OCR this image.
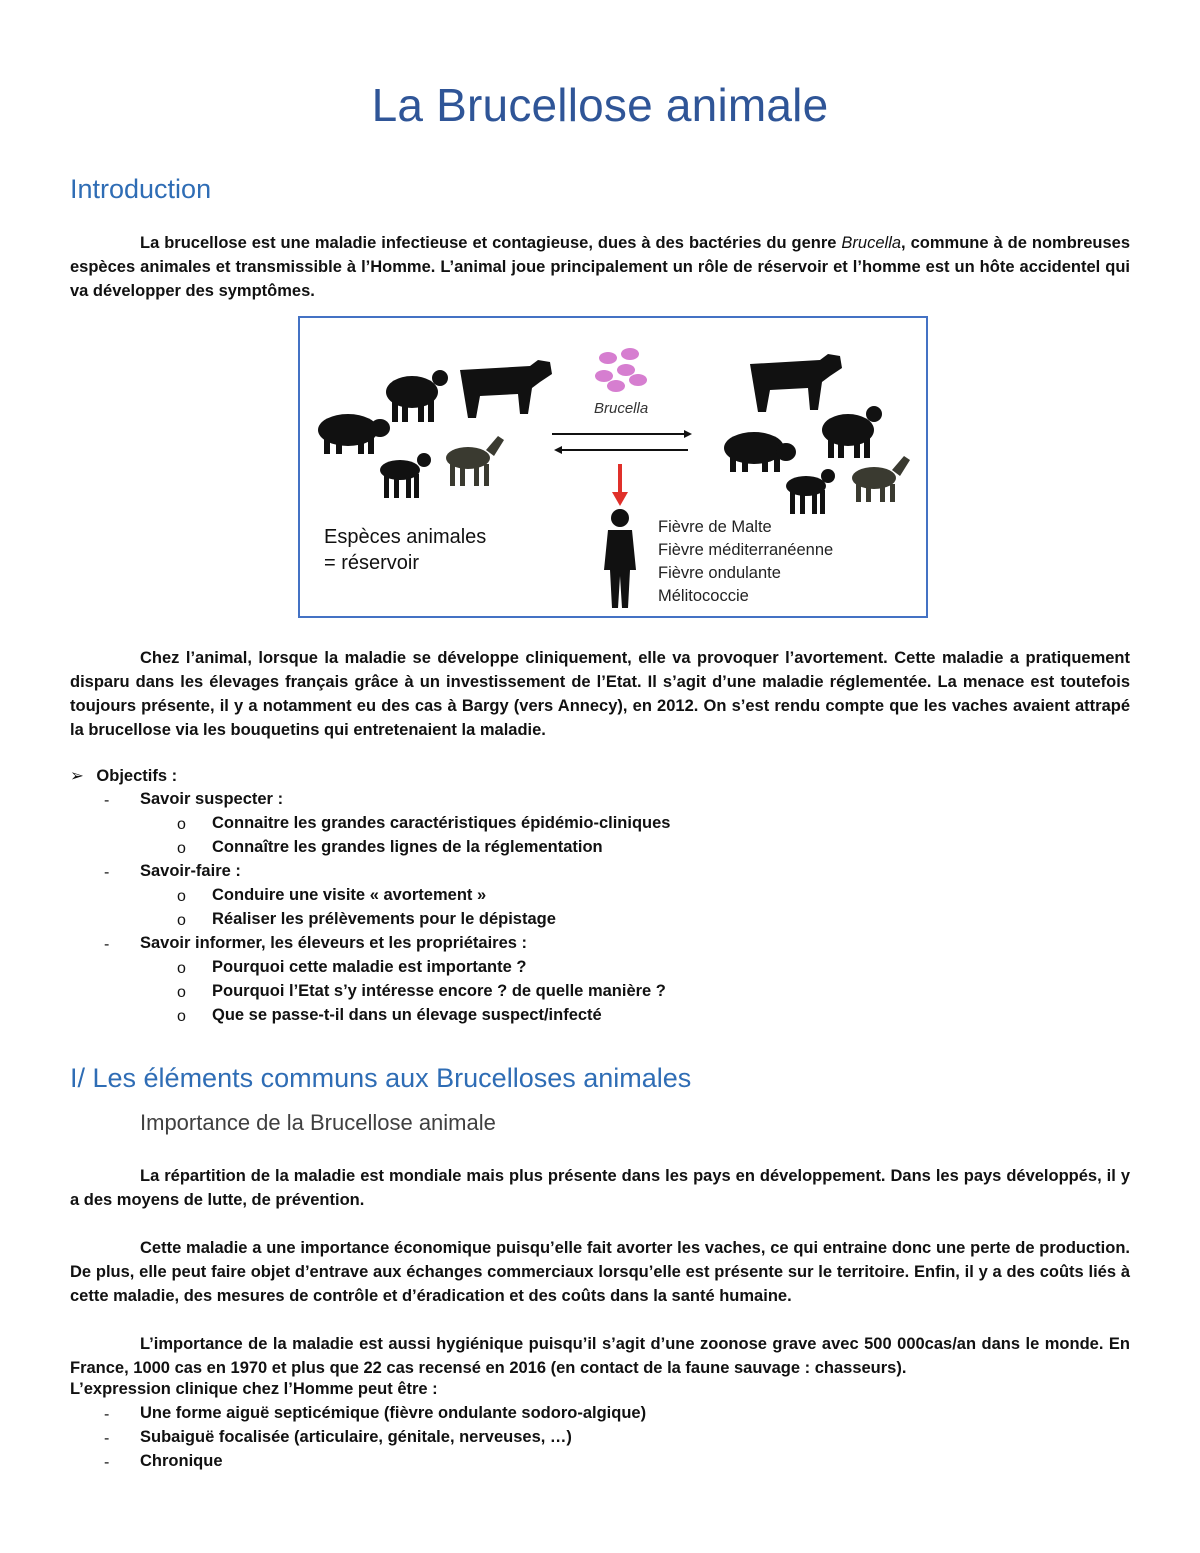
La Brucellose animale
Introduction
La brucellose est une maladie infectieuse et contagieuse, dues à des bactéries du genre Brucella, commune à de nombreuses espèces animales et transmissible à l’Homme. L’animal joue principalement un rôle de réservoir et l’homme est un hôte accidentel qui va développer des symptômes.
Brucella
Espèces animales
= réservoir
Fièvre de Malte
Fièvre méditerranéenne
Fièvre ondulante
Mélitococcie
Chez l’animal, lorsque la maladie se développe cliniquement, elle va provoquer l’avortement. Cette maladie a pratiquement disparu dans les élevages français grâce à un investissement de l’Etat. Il s’agit d’une maladie réglementée. La menace est toutefois toujours présente, il y a notamment eu des cas à Bargy (vers Annecy), en 2012. On s’est rendu compte que les vaches avaient attrapé la brucellose via les bouquetins qui entretenaient la maladie.
➢ Objectifs :
- Savoir suspecter :
o Connaitre les grandes caractéristiques épidémio-cliniques
o Connaître les grandes lignes de la réglementation
- Savoir-faire :
o Conduire une visite « avortement »
o Réaliser les prélèvements pour le dépistage
- Savoir informer, les éleveurs et les propriétaires :
o Pourquoi cette maladie est importante ?
o Pourquoi l’Etat s’y intéresse encore ? de quelle manière ?
o Que se passe-t-il dans un élevage suspect/infecté
I/ Les éléments communs aux Brucelloses animales
Importance de la Brucellose animale
La répartition de la maladie est mondiale mais plus présente dans les pays en développement. Dans les pays développés, il y a des moyens de lutte, de prévention.
Cette maladie a une importance économique puisqu’elle fait avorter les vaches, ce qui entraine donc une perte de production. De plus, elle peut faire objet d’entrave aux échanges commerciaux lorsqu’elle est présente sur le territoire. Enfin, il y a des coûts liés à cette maladie, des mesures de contrôle et d’éradication et des coûts dans la santé humaine.
L’importance de la maladie est aussi hygiénique puisqu’il s’agit d’une zoonose grave avec 500 000cas/an dans le monde. En France, 1000 cas en 1970 et plus que 22 cas recensé en 2016 (en contact de la faune sauvage : chasseurs).
L’expression clinique chez l’Homme peut être :
- Une forme aiguë septicémique (fièvre ondulante sodoro-algique)
- Subaiguë focalisée (articulaire, génitale, nerveuses, …)
- Chronique
